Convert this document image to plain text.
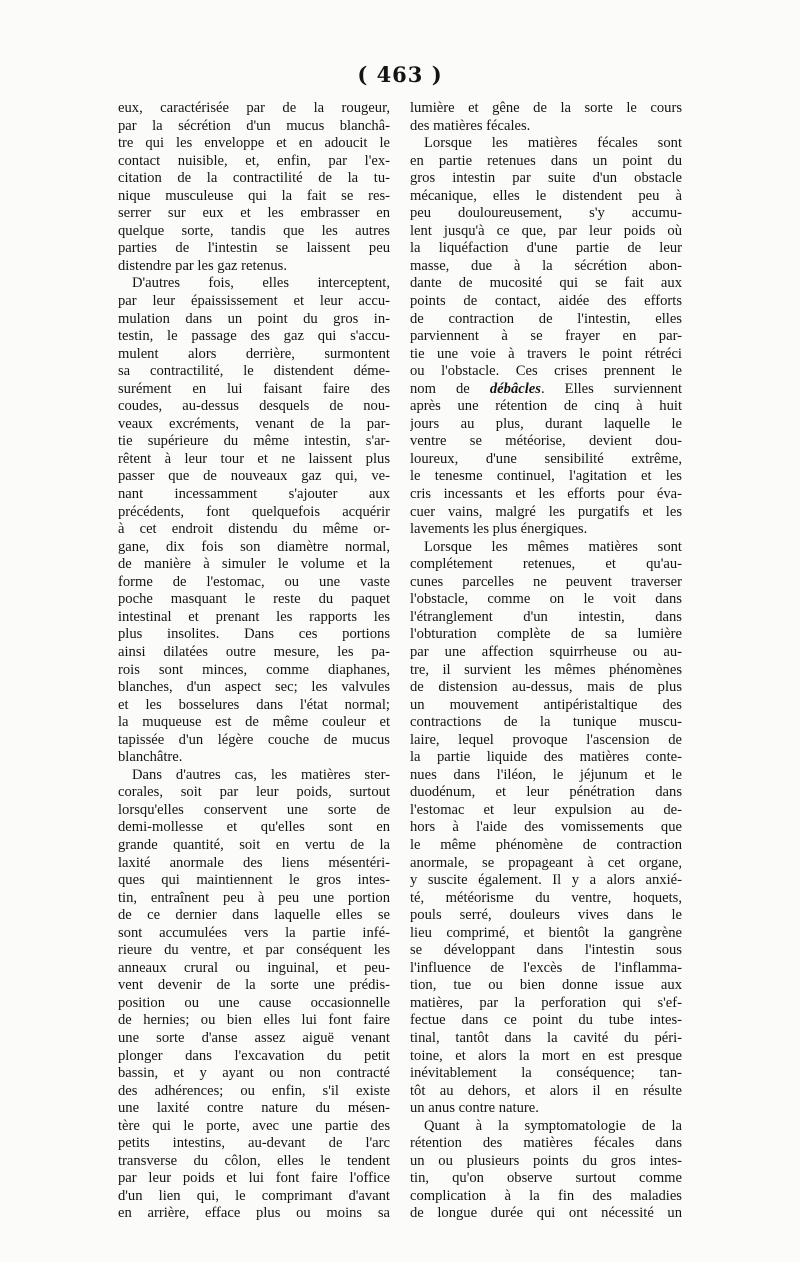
( 463 )
eux, caractérisée par de la rougeur,
par la sécrétion d'un mucus blanchâ-
tre qui les enveloppe et en adoucit le
contact nuisible, et, enfin, par l'ex-
citation de la contractilité de la tu-
nique musculeuse qui la fait se res-
serrer sur eux et les embrasser en
quelque sorte, tandis que les autres
parties de l'intestin se laissent peu
distendre par les gaz retenus.
D'autres fois, elles interceptent,
par leur épaississement et leur accu-
mulation dans un point du gros in-
testin, le passage des gaz qui s'accu-
mulent alors derrière, surmontent
sa contractilité, le distendent déme-
surément en lui faisant faire des
coudes, au-dessus desquels de nou-
veaux excréments, venant de la par-
tie supérieure du même intestin, s'ar-
rêtent à leur tour et ne laissent plus
passer que de nouveaux gaz qui, ve-
nant incessamment s'ajouter aux
précédents, font quelquefois acquérir
à cet endroit distendu du même or-
gane, dix fois son diamètre normal,
de manière à simuler le volume et la
forme de l'estomac, ou une vaste
poche masquant le reste du paquet
intestinal et prenant les rapports les
plus insolites. Dans ces portions
ainsi dilatées outre mesure, les pa-
rois sont minces, comme diaphanes,
blanches, d'un aspect sec; les valvules
et les bosselures dans l'état normal;
la muqueuse est de même couleur et
tapissée d'un légère couche de mucus
blanchâtre.
Dans d'autres cas, les matières ster-
corales, soit par leur poids, surtout
lorsqu'elles conservent une sorte de
demi-mollesse et qu'elles sont en
grande quantité, soit en vertu de la
laxité anormale des liens mésentéri-
ques qui maintiennent le gros intes-
tin, entraînent peu à peu une portion
de ce dernier dans laquelle elles se
sont accumulées vers la partie infé-
rieure du ventre, et par conséquent les
anneaux crural ou inguinal, et peu-
vent devenir de la sorte une prédis-
position ou une cause occasionnelle
de hernies; ou bien elles lui font faire
une sorte d'anse assez aiguë venant
plonger dans l'excavation du petit
bassin, et y ayant ou non contracté
des adhérences; ou enfin, s'il existe
une laxité contre nature du mésen-
tère qui le porte, avec une partie des
petits intestins, au-devant de l'arc
transverse du côlon, elles le tendent
par leur poids et lui font faire l'office
d'un lien qui, le comprimant d'avant
en arrière, efface plus ou moins sa
lumière et gêne de la sorte le cours
des matières fécales.
Lorsque les matières fécales sont
en partie retenues dans un point du
gros intestin par suite d'un obstacle
mécanique, elles le distendent peu à
peu douloureusement, s'y accumu-
lent jusqu'à ce que, par leur poids où
la liquéfaction d'une partie de leur
masse, due à la sécrétion abon-
dante de mucosité qui se fait aux
points de contact, aidée des efforts
de contraction de l'intestin, elles
parviennent à se frayer en par-
tie une voie à travers le point rétréci
ou l'obstacle. Ces crises prennent le
nom de débâcles. Elles surviennent
après une rétention de cinq à huit
jours au plus, durant laquelle le
ventre se météorise, devient dou-
loureux, d'une sensibilité extrême,
le tenesme continuel, l'agitation et les
cris incessants et les efforts pour éva-
cuer vains, malgré les purgatifs et les
lavements les plus énergiques.
Lorsque les mêmes matières sont
complétement retenues, et qu'au-
cunes parcelles ne peuvent traverser
l'obstacle, comme on le voit dans
l'étranglement d'un intestin, dans
l'obturation complète de sa lumière
par une affection squirrheuse ou au-
tre, il survient les mêmes phénomènes
de distension au-dessus, mais de plus
un mouvement antipéristaltique des
contractions de la tunique muscu-
laire, lequel provoque l'ascension de
la partie liquide des matières conte-
nues dans l'iléon, le jéjunum et le
duodénum, et leur pénétration dans
l'estomac et leur expulsion au de-
hors à l'aide des vomissements que
le même phénomène de contraction
anormale, se propageant à cet organe,
y suscite également. Il y a alors anxié-
té, météorisme du ventre, hoquets,
pouls serré, douleurs vives dans le
lieu comprimé, et bientôt la gangrène
se développant dans l'intestin sous
l'influence de l'excès de l'inflamma-
tion, tue ou bien donne issue aux
matières, par la perforation qui s'ef-
fectue dans ce point du tube intes-
tinal, tantôt dans la cavité du péri-
toine, et alors la mort en est presque
inévitablement la conséquence; tan-
tôt au dehors, et alors il en résulte
un anus contre nature.
Quant à la symptomatologie de la
rétention des matières fécales dans
un ou plusieurs points du gros intes-
tin, qu'on observe surtout comme
complication à la fin des maladies
de longue durée qui ont nécessité un
